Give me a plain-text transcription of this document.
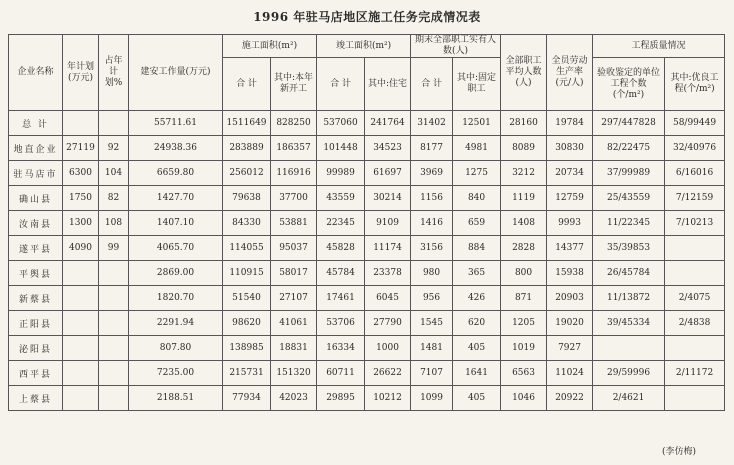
1996 年驻马店地区施工任务完成情况表
企业名称	年计划(万元)	占年计划%	建安工作量(万元)	施工面积(m²)		竣工面积(m²)		期末全部职工实有人数(人)		全部职工平均人数(人)	全员劳动生产率(元/人)	工程质量情况	
				合 计	其中:本年新开工	合 计	其中:住宅	合 计	其中:固定职工			验收鉴定的单位工程个数(个/m²)	其中:优良工程(个/m²)
总 计			55711.61	1511649	828250	537060	241764	31402	12501	28160	19784	297/447828	58/99449
地直企业	27119	92	24938.36	283889	186357	101448	34523	8177	4981	8089	30830	82/22475	32/40976
驻马店市	6300	104	6659.80	256012	116916	99989	61697	3969	1275	3212	20734	37/99989	6/16016
确山县	1750	82	1427.70	79638	37700	43559	30214	1156	840	1119	12759	25/43559	7/12159
汝南县	1300	108	1407.10	84330	53881	22345	9109	1416	659	1408	9993	11/22345	7/10213
遂平县	4090	99	4065.70	114055	95037	45828	11174	3156	884	2828	14377	35/39853	
平舆县			2869.00	110915	58017	45784	23378	980	365	800	15938	26/45784	
新蔡县			1820.70	51540	27107	17461	6045	956	426	871	20903	11/13872	2/4075
正阳县			2291.94	98620	41061	53706	27790	1545	620	1205	19020	39/45334	2/4838
泌阳县			807.80	138985	18831	16334	1000	1481	405	1019	7927		
西平县			7235.00	215731	151320	60711	26622	7107	1641	6563	11024	29/59996	2/11172
上蔡县			2188.51	77934	42023	29895	10212	1099	405	1046	20922	2/4621	
(李仿梅)
